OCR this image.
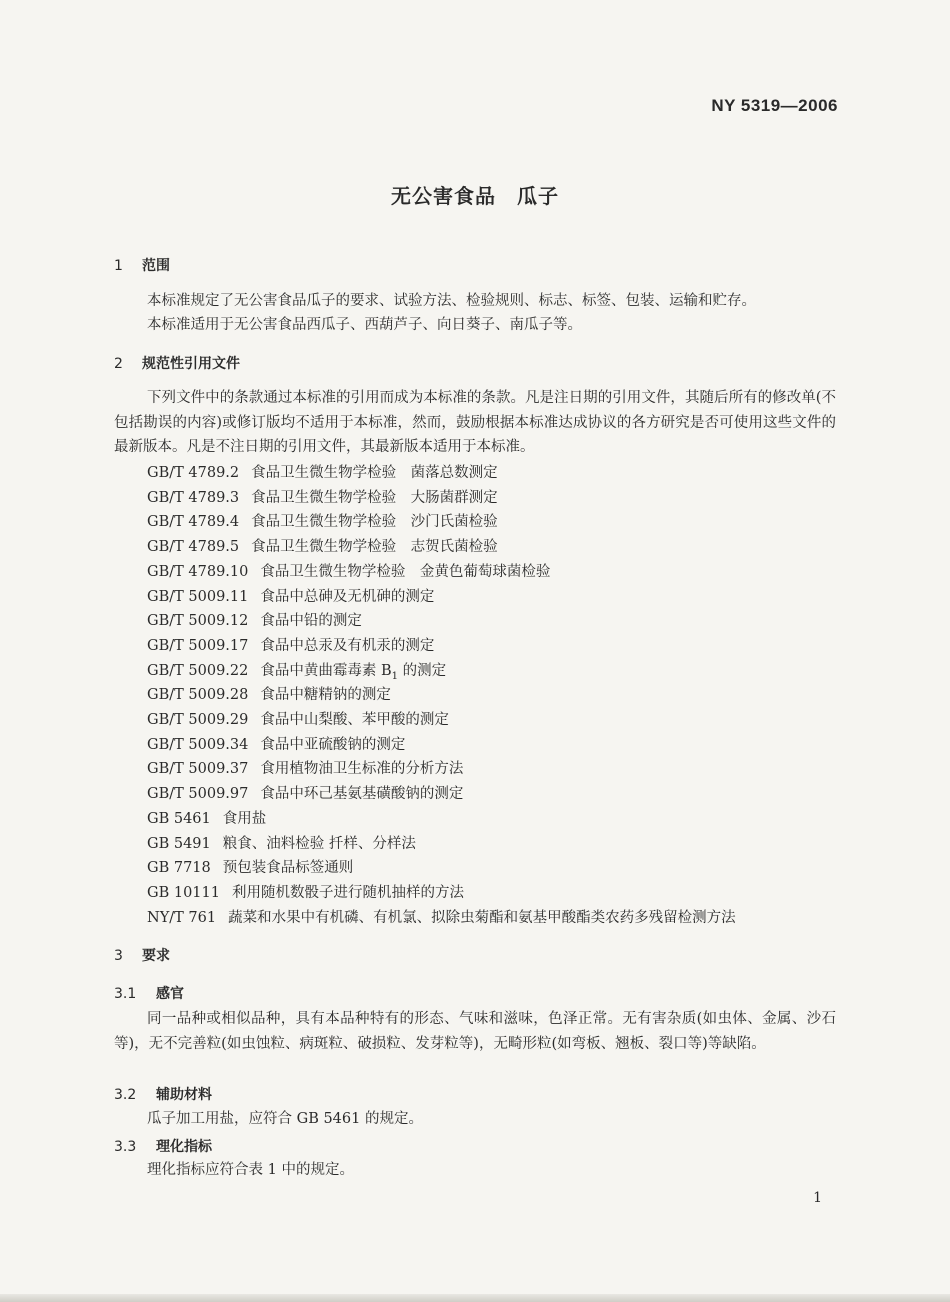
NY 5319—2006
无公害食品　瓜子
1 范围
本标准规定了无公害食品瓜子的要求、试验方法、检验规则、标志、标签、包装、运输和贮存。
本标准适用于无公害食品西瓜子、西葫芦子、向日葵子、南瓜子等。
2 规范性引用文件
下列文件中的条款通过本标准的引用而成为本标准的条款。凡是注日期的引用文件，其随后所有的修改单(不包括勘误的内容)或修订版均不适用于本标准，然而，鼓励根据本标准达成协议的各方研究是否可使用这些文件的最新版本。凡是不注日期的引用文件，其最新版本适用于本标准。
GB/T 4789.2 食品卫生微生物学检验　菌落总数测定
GB/T 4789.3 食品卫生微生物学检验　大肠菌群测定
GB/T 4789.4 食品卫生微生物学检验　沙门氏菌检验
GB/T 4789.5 食品卫生微生物学检验　志贺氏菌检验
GB/T 4789.10 食品卫生微生物学检验　金黄色葡萄球菌检验
GB/T 5009.11 食品中总砷及无机砷的测定
GB/T 5009.12 食品中铅的测定
GB/T 5009.17 食品中总汞及有机汞的测定
GB/T 5009.22 食品中黄曲霉毒素 $B_1$ 的测定
GB/T 5009.28 食品中糖精钠的测定
GB/T 5009.29 食品中山梨酸、苯甲酸的测定
GB/T 5009.34 食品中亚硫酸钠的测定
GB/T 5009.37 食用植物油卫生标准的分析方法
GB/T 5009.97 食品中环己基氨基磺酸钠的测定
GB 5461 食用盐
GB 5491 粮食、油料检验 扦样、分样法
GB 7718 预包装食品标签通则
GB 10111 利用随机数骰子进行随机抽样的方法
NY/T 761 蔬菜和水果中有机磷、有机氯、拟除虫菊酯和氨基甲酸酯类农药多残留检测方法
3 要求
3.1 感官
同一品种或相似品种，具有本品种特有的形态、气味和滋味，色泽正常。无有害杂质(如虫体、金属、沙石等)，无不完善粒(如虫蚀粒、病斑粒、破损粒、发芽粒等)，无畸形粒(如弯板、翘板、裂口等)等缺陷。
3.2 辅助材料
瓜子加工用盐，应符合 GB 5461 的规定。
3.3 理化指标
理化指标应符合表 1 中的规定。
1
